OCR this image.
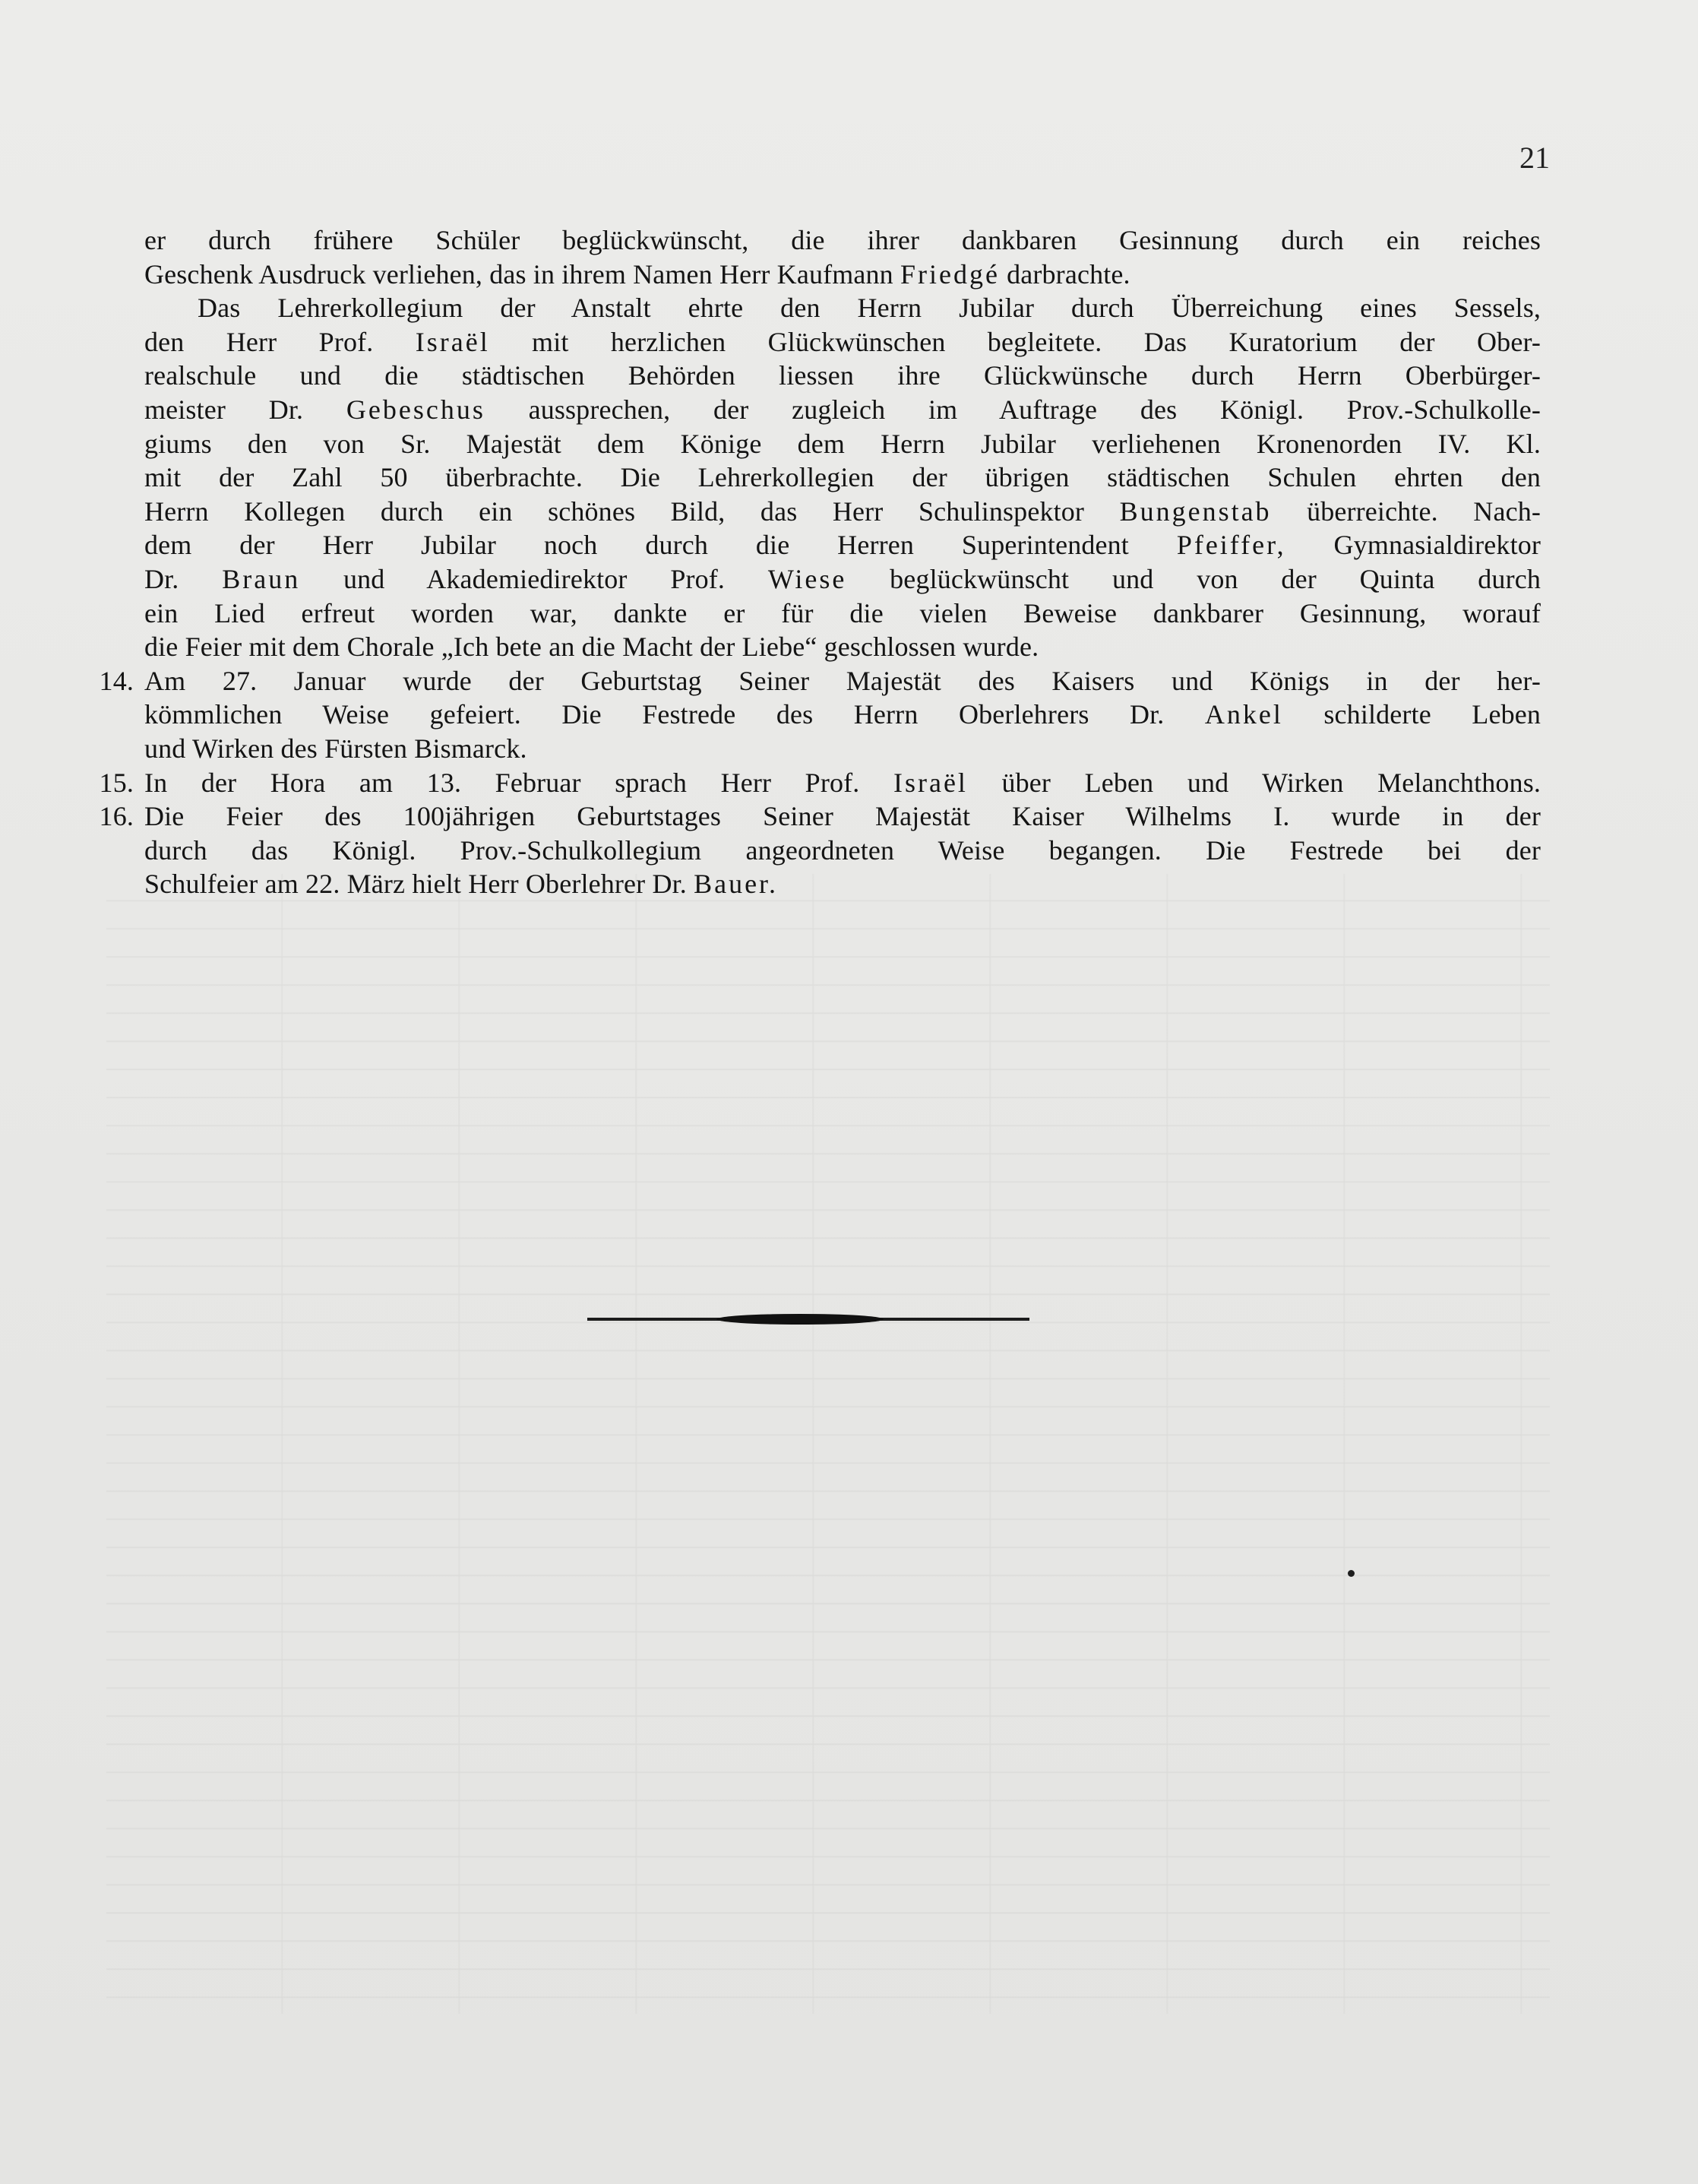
21
er durch frühere Schüler beglückwünscht, die ihrer dankbaren Gesinnung durch ein reiches
Geschenk Ausdruck verliehen, das in ihrem Namen Herr Kaufmann Friedgé darbrachte.
Das Lehrerkollegium der Anstalt ehrte den Herrn Jubilar durch Überreichung eines Sessels,
den Herr Prof. Israël mit herzlichen Glückwünschen begleitete. Das Kuratorium der Ober-
realschule und die städtischen Behörden liessen ihre Glückwünsche durch Herrn Oberbürger-
meister Dr. Gebeschus aussprechen, der zugleich im Auftrage des Königl. Prov.-Schulkolle-
giums den von Sr. Majestät dem Könige dem Herrn Jubilar verliehenen Kronenorden IV. Kl.
mit der Zahl 50 überbrachte. Die Lehrerkollegien der übrigen städtischen Schulen ehrten den
Herrn Kollegen durch ein schönes Bild, das Herr Schulinspektor Bungenstab überreichte. Nach-
dem der Herr Jubilar noch durch die Herren Superintendent Pfeiffer, Gymnasialdirektor
Dr. Braun und Akademiedirektor Prof. Wiese beglückwünscht und von der Quinta durch
ein Lied erfreut worden war, dankte er für die vielen Beweise dankbarer Gesinnung, worauf
die Feier mit dem Chorale „Ich bete an die Macht der Liebe“ geschlossen wurde.
14. Am 27. Januar wurde der Geburtstag Seiner Majestät des Kaisers und Königs in der her-
kömmlichen Weise gefeiert. Die Festrede des Herrn Oberlehrers Dr. Ankel schilderte Leben
und Wirken des Fürsten Bismarck.
15. In der Hora am 13. Februar sprach Herr Prof. Israël über Leben und Wirken Melanchthons.
16. Die Feier des 100jährigen Geburtstages Seiner Majestät Kaiser Wilhelms I. wurde in der
durch das Königl. Prov.-Schulkollegium angeordneten Weise begangen. Die Festrede bei der
Schulfeier am 22. März hielt Herr Oberlehrer Dr. Bauer.
